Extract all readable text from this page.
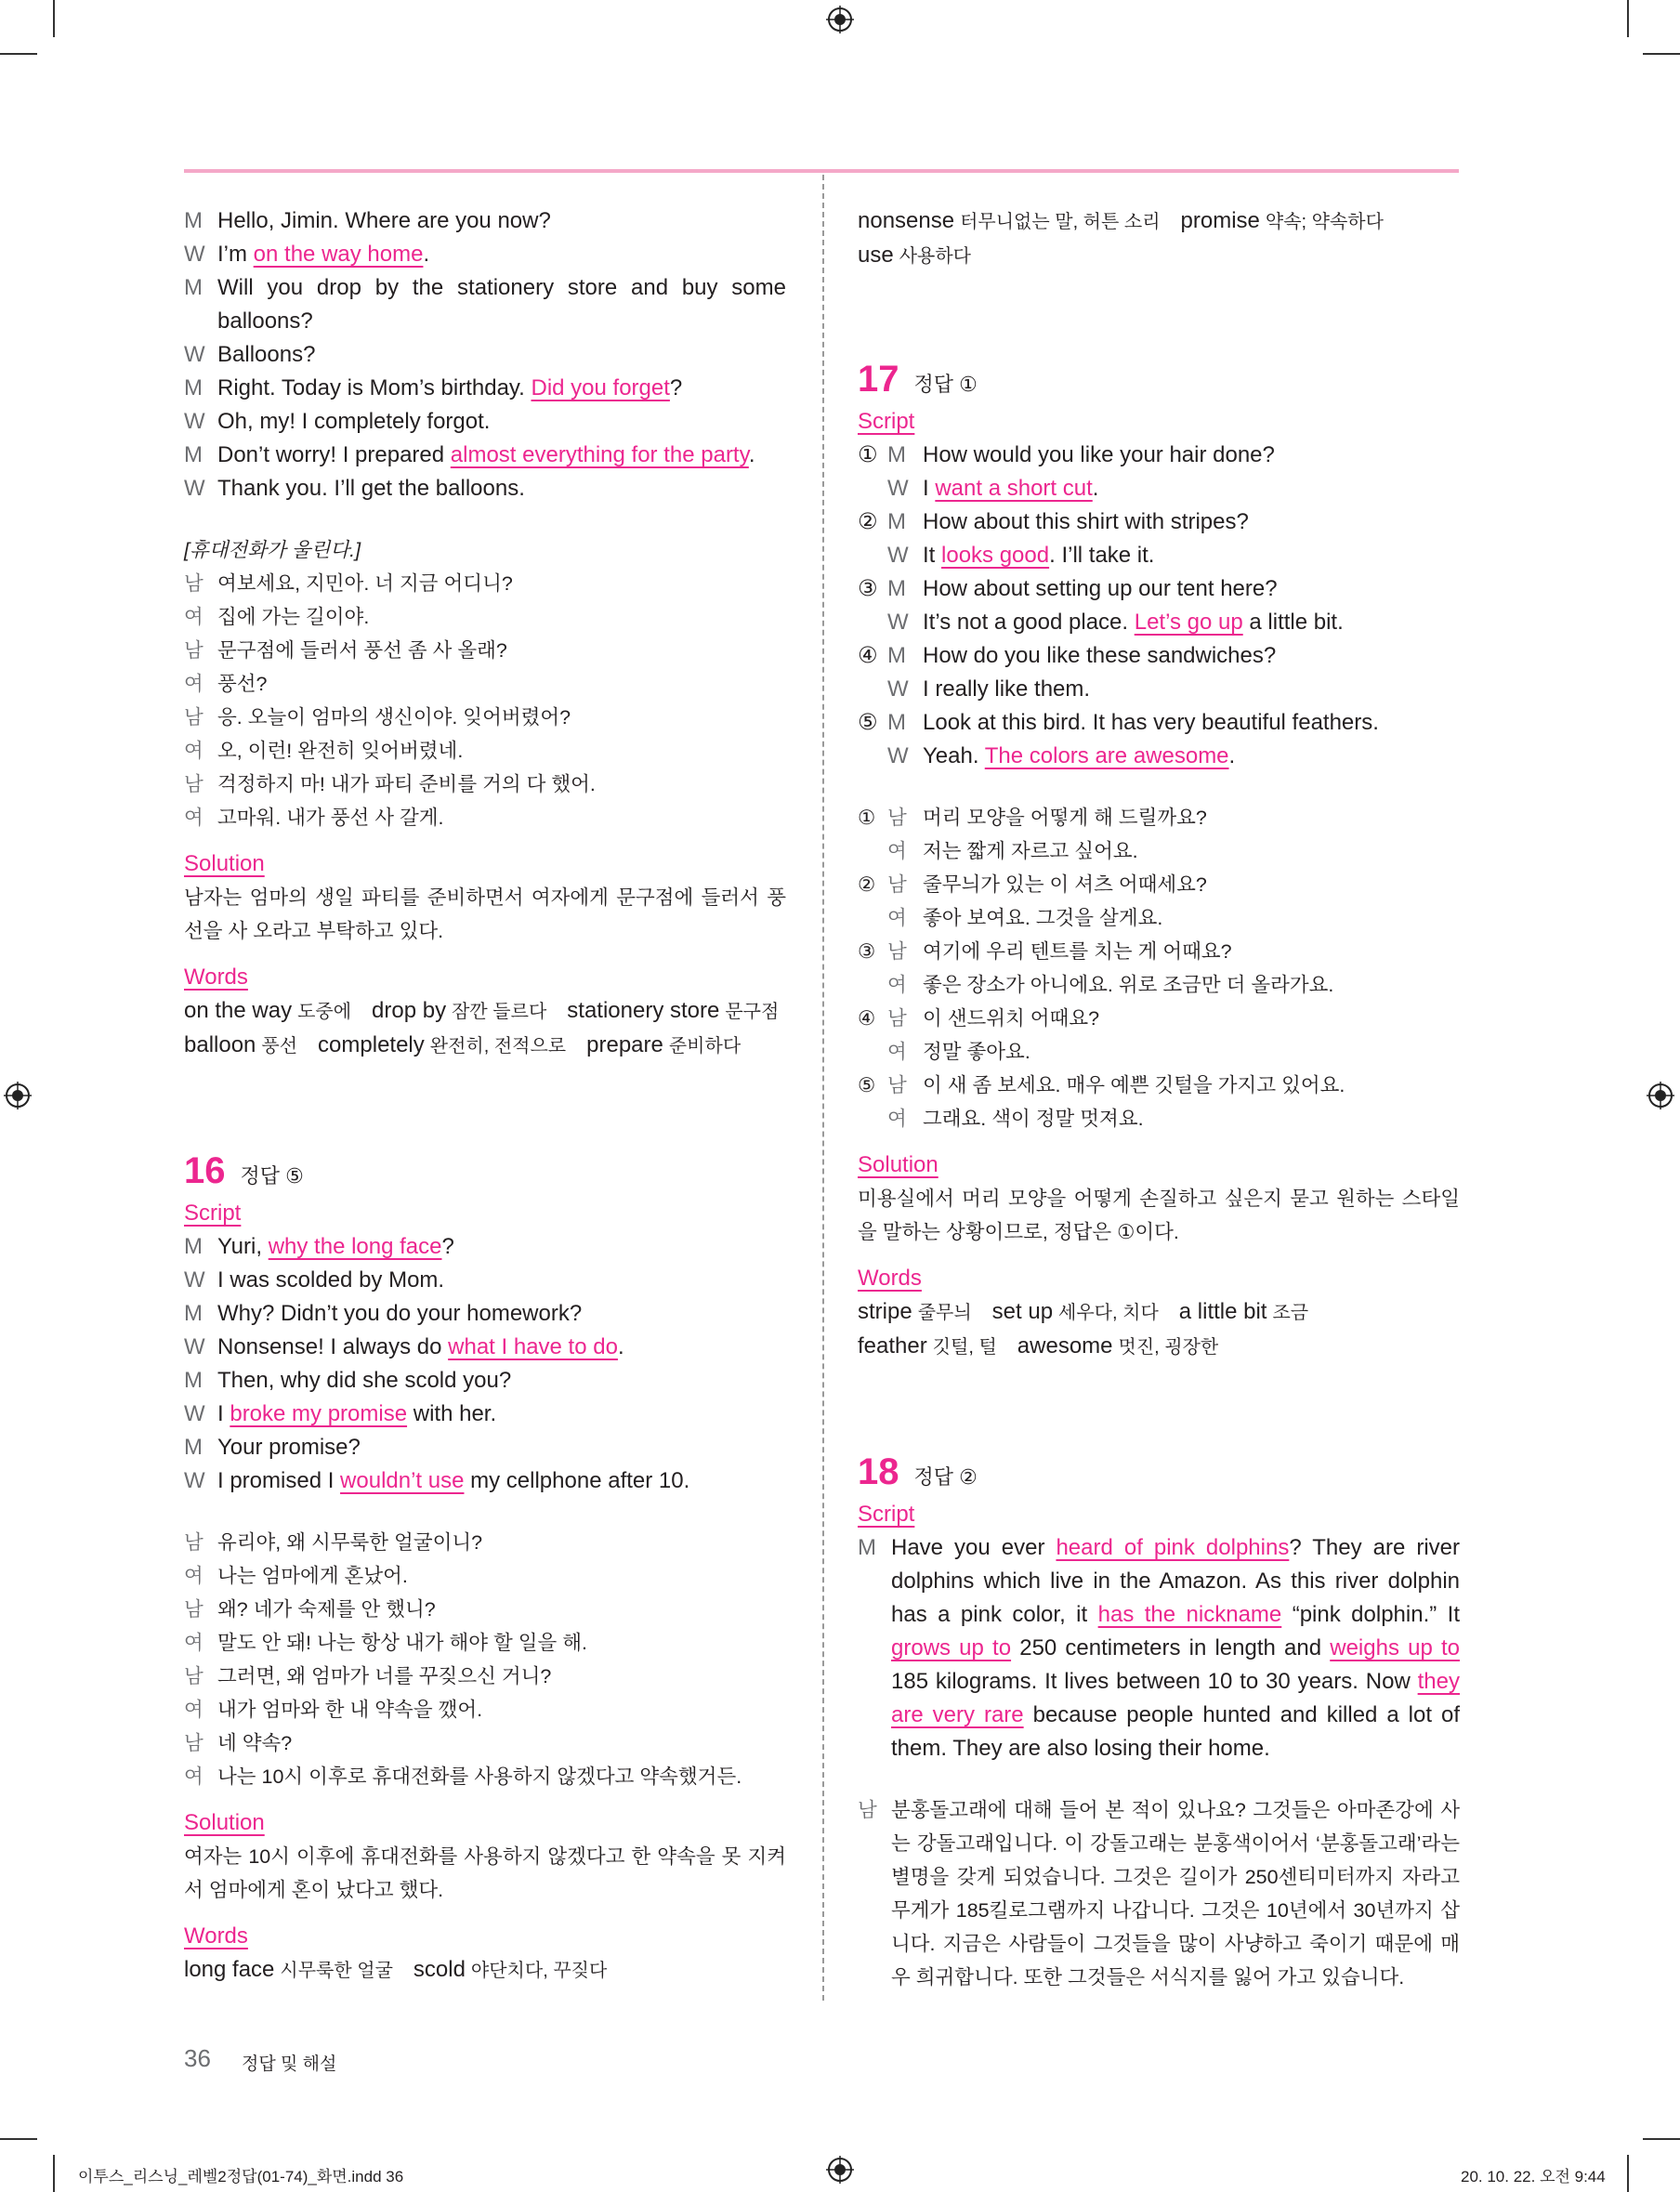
M Hello, Jimin. Where are you now?
W I’m on the way home.
M Will you drop by the stationery store and buy some balloons?
W Balloons?
M Right. Today is Mom’s birthday. Did you forget?
W Oh, my! I completely forgot.
M Don’t worry! I prepared almost everything for the party.
W Thank you. I’ll get the balloons.
[휴대전화가 울린다.]
남 여보세요, 지민아. 너 지금 어디니?
여 집에 가는 길이야.
남 문구점에 들러서 풍선 좀 사 올래?
여 풍선?
남 응. 오늘이 엄마의 생신이야. 잊어버렸어?
여 오, 이런! 완전히 잊어버렸네.
남 걱정하지 마! 내가 파티 준비를 거의 다 했어.
여 고마워. 내가 풍선 사 갈게.
Solution
남자는 엄마의 생일 파티를 준비하면서 여자에게 문구점에 들러서 풍선을 사 오라고 부탁하고 있다.
Words
on the way 도중에 drop by 잠깐 들르다 stationery store 문구점
balloon 풍선 completely 완전히, 전적으로 prepare 준비하다
16 정답 ⑤
Script
M Yuri, why the long face?
W I was scolded by Mom.
M Why? Didn’t you do your homework?
W Nonsense! I always do what I have to do.
M Then, why did she scold you?
W I broke my promise with her.
M Your promise?
W I promised I wouldn’t use my cellphone after 10.
남 유리야, 왜 시무룩한 얼굴이니?
여 나는 엄마에게 혼났어.
남 왜? 네가 숙제를 안 했니?
여 말도 안 돼! 나는 항상 내가 해야 할 일을 해.
남 그러면, 왜 엄마가 너를 꾸짖으신 거니?
여 내가 엄마와 한 내 약속을 깼어.
남 네 약속?
여 나는 10시 이후로 휴대전화를 사용하지 않겠다고 약속했거든.
Solution
여자는 10시 이후에 휴대전화를 사용하지 않겠다고 한 약속을 못 지켜서 엄마에게 혼이 났다고 했다.
Words
long face 시무룩한 얼굴 scold 야단치다, 꾸짖다
nonsense 터무니없는 말, 허튼 소리 promise 약속; 약속하다
use 사용하다
17 정답 ①
Script
① M How would you like your hair done?
W I want a short cut.
② M How about this shirt with stripes?
W It looks good. I’ll take it.
③ M How about setting up our tent here?
W It’s not a good place. Let’s go up a little bit.
④ M How do you like these sandwiches?
W I really like them.
⑤ M Look at this bird. It has very beautiful feathers.
W Yeah. The colors are awesome.
① 남 머리 모양을 어떻게 해 드릴까요?
여 저는 짧게 자르고 싶어요.
② 남 줄무늬가 있는 이 셔츠 어때세요?
여 좋아 보여요. 그것을 살게요.
③ 남 여기에 우리 텐트를 치는 게 어때요?
여 좋은 장소가 아니에요. 위로 조금만 더 올라가요.
④ 남 이 샌드위치 어때요?
여 정말 좋아요.
⑤ 남 이 새 좀 보세요. 매우 예쁜 깃털을 가지고 있어요.
여 그래요. 색이 정말 멋져요.
Solution
미용실에서 머리 모양을 어떻게 손질하고 싶은지 묻고 원하는 스타일을 말하는 상황이므로, 정답은 ①이다.
Words
stripe 줄무늬 set up 세우다, 치다 a little bit 조금
feather 깃털, 털 awesome 멋진, 굉장한
18 정답 ②
Script
M Have you ever heard of pink dolphins? They are river dolphins which live in the Amazon. As this river dolphin has a pink color, it has the nickname “pink dolphin.” It grows up to 250 centimeters in length and weighs up to 185 kilograms. It lives between 10 to 30 years. Now they are very rare because people hunted and killed a lot of them. They are also losing their home.
남 분홍돌고래에 대해 들어 본 적이 있나요? 그것들은 아마존강에 사는 강돌고래입니다. 이 강돌고래는 분홍색이어서 ‘분홍돌고래’라는 별명을 갖게 되었습니다. 그것은 길이가 250센티미터까지 자라고 무게가 185킬로그램까지 나갑니다. 그것은 10년에서 30년까지 삽니다. 지금은 사람들이 그것들을 많이 사냥하고 죽이기 때문에 매우 희귀합니다. 또한 그것들은 서식지를 잃어 가고 있습니다.
36 정답 및 해설
이투스_리스닝_레벨2정답(01-74)_화면.indd 36	20. 10. 22. 오전 9:44
